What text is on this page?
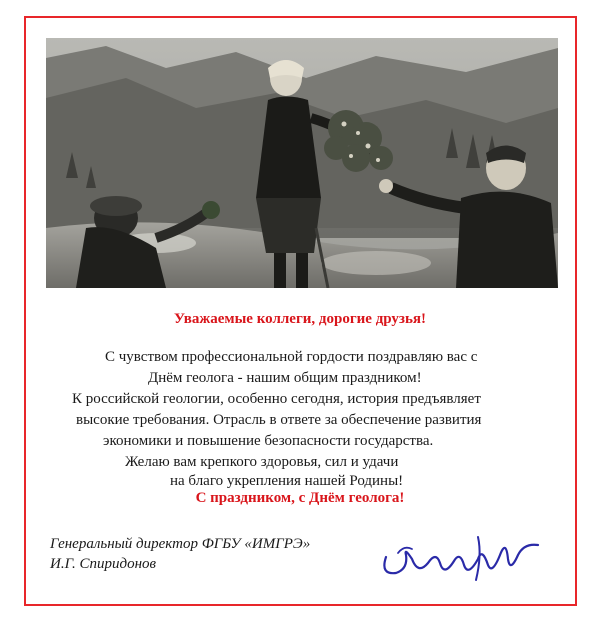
Уважаемые коллеги, дорогие друзья!
С чувством профессиональной гордости поздравляю вас с
Днём геолога - нашим общим праздником!
К российской геологии, особенно сегодня, история предъявляет
высокие требования. Отрасль в ответе за обеспечение развития
экономики и повышение безопасности государства.
Желаю вам крепкого здоровья, сил и удачи
на благо укрепления нашей Родины!
С праздником, с Днём геолога!
Генеральный директор ФГБУ «ИМГРЭ»
И.Г. Спиридонов
